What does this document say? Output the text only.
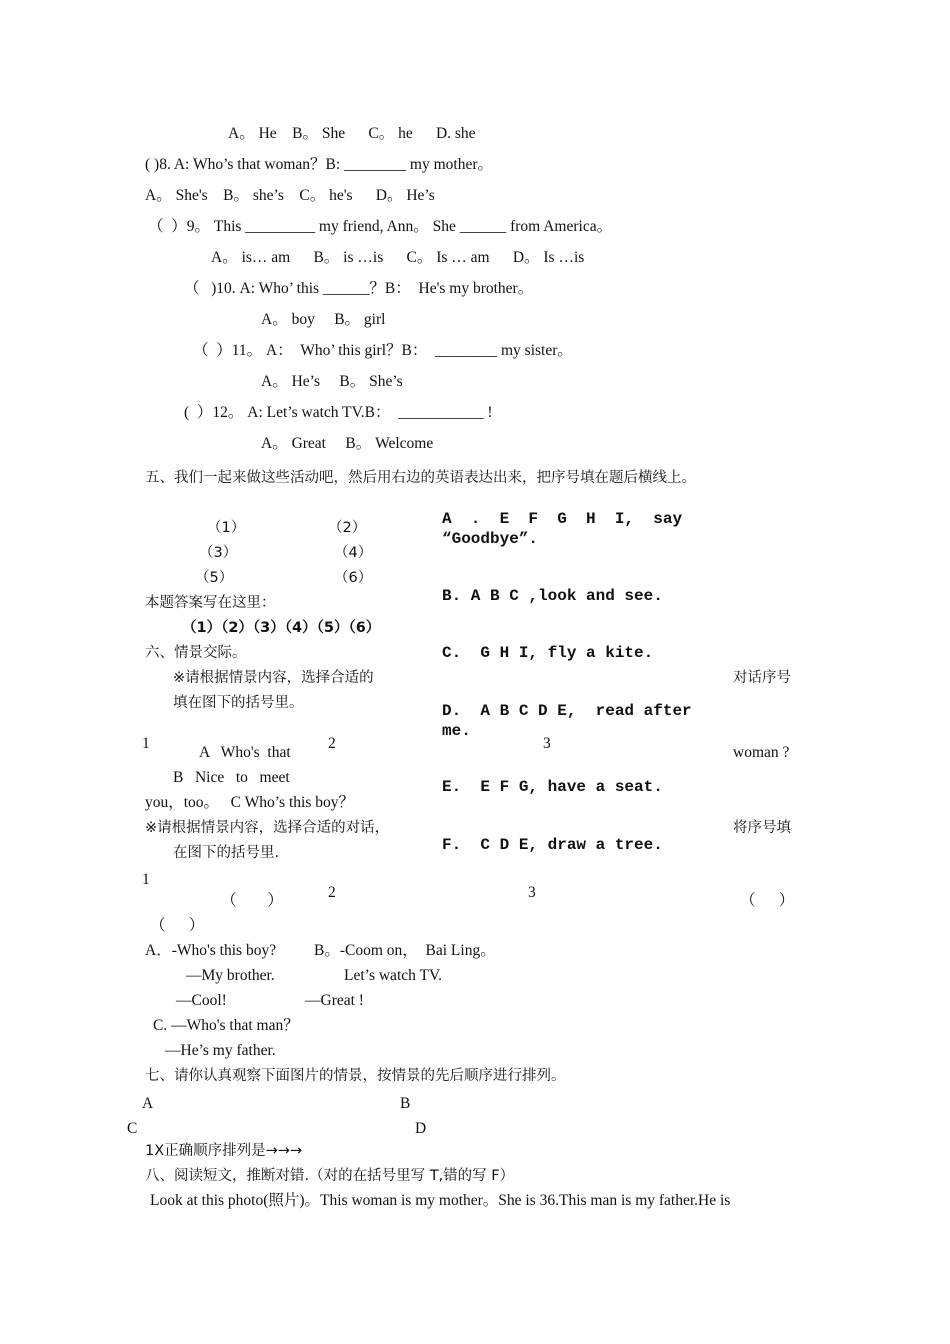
A。 He    B。 She      C。 he      D. she
( )8. A: Who’s that woman？B: ________ my mother。
A。 She's    B。 she’s    C。 he's      D。 He’s
（  ）9。 This _________ my friend, Ann。 She ______ from America。
A。 is… am      B。 is …is      C。 Is … am      D。 Is …is
（   )10. A: Who’ this ______？B：  He's my brother。
A。 boy     B。 girl
（  ）11。 A：  Who’ this girl？B：  ________ my sister。
A。 He’s     B。 She’s
(  ）12。 A: Let’s watch TV.B：  ___________ !
A。 Great     B。 Welcome
五、我们一起来做这些活动吧，然后用右边的英语表达出来，把序号填在题后横线上。
（1）	（2）
（3）	（4）
（5）	（6）
本题答案写在这里：
（1）（2）（3）（4）（5）（6）
A  .  E  F  G  H  I,  say
“Goodbye”.
B. A B C ,look and see.
C.  G H I, fly a kite.
D.  A B C D E,  read after
me.
E.  E F G, have a seat.
F.  C D E, draw a tree.
六、情景交际。
※请根据情景内容，选择合适的
填在图下的括号里。
对话序号
1	2	3
A   Who's  that	woman ?
B   Nice   to   meet
you，too。   C Who’s this boy？
※请根据情景内容，选择合适的对话，	将序号填
在图下的括号里.
1
2	3
（        ）	（      ）
（      ）
A．-Who's this boy? B。-Coom on，  Bai Ling。
—My brother.	Let’s watch TV.
—Cool!	—Great !
C. —Who's that man？
—He’s my father.
七、请你认真观察下面图片的情景，按情景的先后顺序进行排列。
A	B
C	D
1X正确顺序排列是→→→
八、阅读短文，推断对错.（对的在括号里写 T,错的写 F）
Look at this photo(照片)。This woman is my mother。She is 36.This man is my father.He is
